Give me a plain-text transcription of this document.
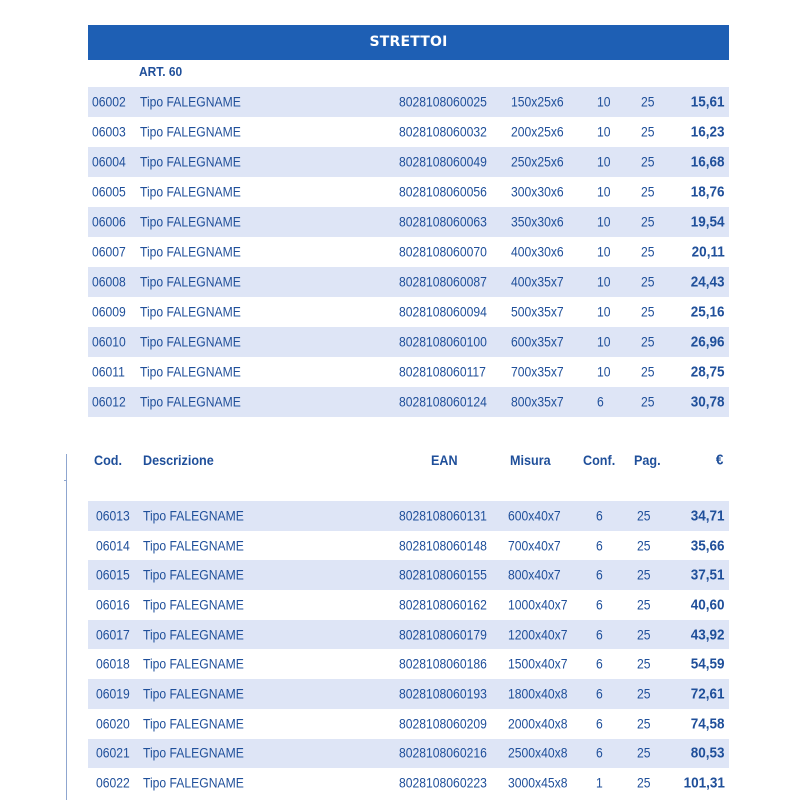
STRETTOI
ART. 60
06002 Tipo FALEGNAME	8028108060025 150x25x6 10 25 15,61
06003 Tipo FALEGNAME	8028108060032 200x25x6 10 25 16,23
06004 Tipo FALEGNAME	8028108060049 250x25x6 10 25 16,68
06005 Tipo FALEGNAME	8028108060056 300x30x6 10 25 18,76
06006 Tipo FALEGNAME	8028108060063 350x30x6 10 25 19,54
06007 Tipo FALEGNAME	8028108060070 400x30x6 10 25 20,11
06008 Tipo FALEGNAME	8028108060087 400x35x7 10 25 24,43
06009 Tipo FALEGNAME	8028108060094 500x35x7 10 25 25,16
06010 Tipo FALEGNAME	8028108060100 600x35x7 10 25 26,96
06011 Tipo FALEGNAME	8028108060117 700x35x7 10 25 28,75
06012 Tipo FALEGNAME	8028108060124 800x35x7 6	25 30,78
Cod. Descrizione	EAN	Misura Conf. Pag.	€
06013 Tipo FALEGNAME	8028108060131 600x40x7	6	25	34,71
06014 Tipo FALEGNAME	8028108060148 700x40x7	6	25	35,66
06015 Tipo FALEGNAME	8028108060155 800x40x7	6	25	37,51
06016 Tipo FALEGNAME	8028108060162 1000x40x7 6	25	40,60
06017 Tipo FALEGNAME	8028108060179 1200x40x7 6	25	43,92
06018 Tipo FALEGNAME	8028108060186 1500x40x7 6	25	54,59
06019 Tipo FALEGNAME	8028108060193 1800x40x8 6	25	72,61
06020 Tipo FALEGNAME	8028108060209 2000x40x8 6	25	74,58
06021 Tipo FALEGNAME	8028108060216 2500x40x8 6	25	80,53
06022 Tipo FALEGNAME	8028108060223 3000x45x8 1	25 101,31
